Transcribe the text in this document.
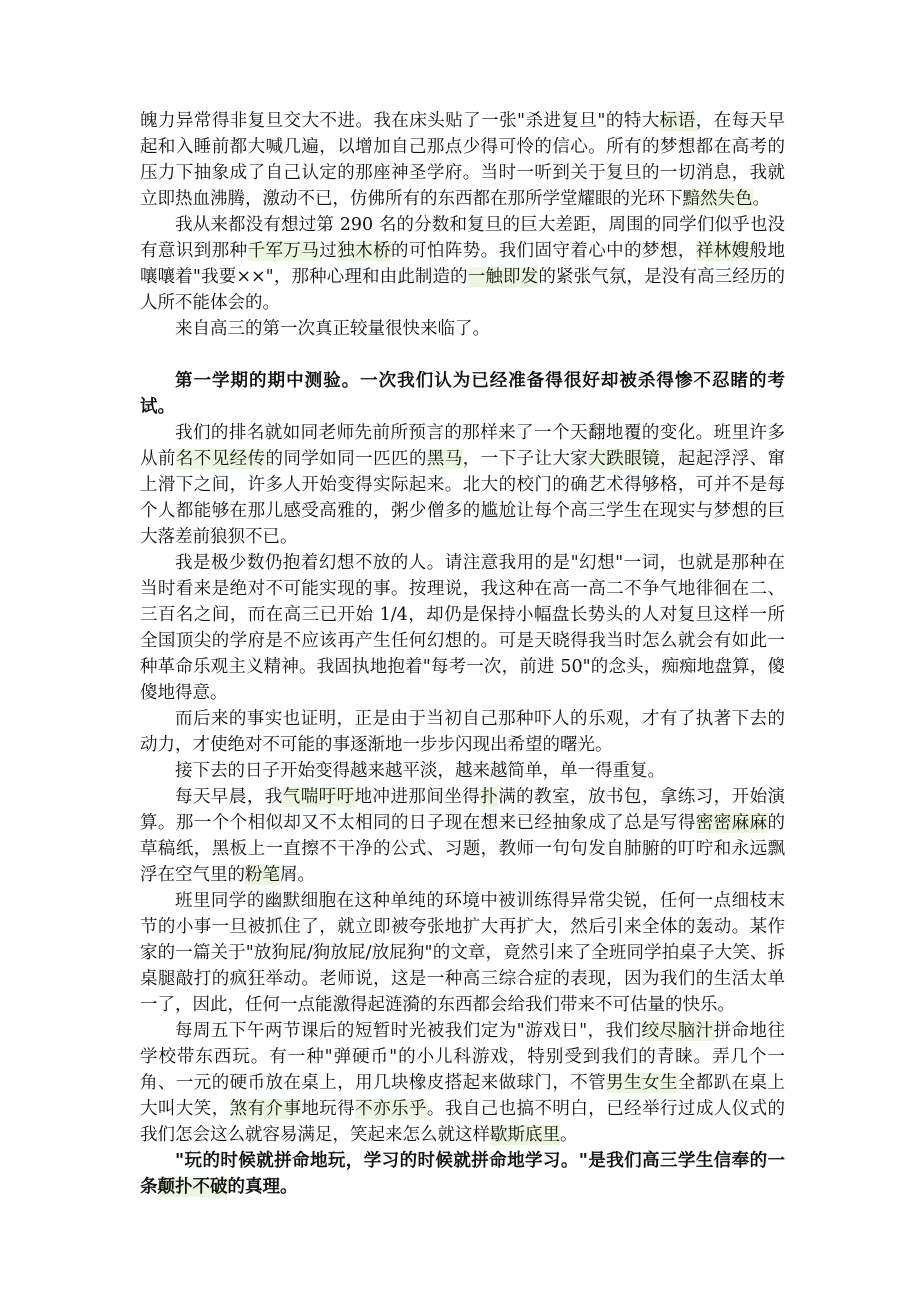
魄力异常得非复旦交大不进。我在床头贴了一张"杀进复旦"的特大标语，在每天早起和入睡前都大喊几遍，以增加自己那点少得可怜的信心。所有的梦想都在高考的压力下抽象成了自己认定的那座神圣学府。当时一听到关于复旦的一切消息，我就立即热血沸腾，激动不已，仿佛所有的东西都在那所学堂耀眼的光环下黯然失色。

我从来都没有想过第 290 名的分数和复旦的巨大差距，周围的同学们似乎也没有意识到那种千军万马过独木桥的可怕阵势。我们固守着心中的梦想，祥林嫂般地嚷嚷着"我要××"，那种心理和由此制造的一触即发的紧张气氛，是没有高三经历的人所不能体会的。

来自高三的第一次真正较量很快来临了。

第一学期的期中测验。一次我们认为已经准备得很好却被杀得惨不忍睹的考试。

我们的排名就如同老师先前所预言的那样来了一个天翻地覆的变化。班里许多从前名不见经传的同学如同一匹匹的黑马，一下子让大家大跌眼镜，起起浮浮、窜上滑下之间，许多人开始变得实际起来。北大的校门的确艺术得够格，可并不是每个人都能够在那儿感受高雅的，粥少僧多的尴尬让每个高三学生在现实与梦想的巨大落差前狼狈不已。

我是极少数仍抱着幻想不放的人。请注意我用的是"幻想"一词，也就是那种在当时看来是绝对不可能实现的事。按理说，我这种在高一高二不争气地徘徊在二、三百名之间，而在高三已开始 1/4，却仍是保持小幅盘长势头的人对复旦这样一所全国顶尖的学府是不应该再产生任何幻想的。可是天晓得我当时怎么就会有如此一种革命乐观主义精神。我固执地抱着"每考一次，前进 50"的念头，痴痴地盘算，傻傻地得意。

而后来的事实也证明，正是由于当初自己那种吓人的乐观，才有了执著下去的动力，才使绝对不可能的事逐渐地一步步闪现出希望的曙光。

接下去的日子开始变得越来越平淡，越来越简单，单一得重复。

每天早晨，我气喘吁吁地冲进那间坐得扑满的教室，放书包，拿练习，开始演算。那一个个相似却又不太相同的日子现在想来已经抽象成了总是写得密密麻麻的草稿纸，黑板上一直擦不干净的公式、习题，教师一句句发自肺腑的叮咛和永远飘浮在空气里的粉笔屑。

班里同学的幽默细胞在这种单纯的环境中被训练得异常尖锐，任何一点细枝末节的小事一旦被抓住了，就立即被夸张地扩大再扩大，然后引来全体的轰动。某作家的一篇关于"放狗屁/狗放屁/放屁狗"的文章，竟然引来了全班同学拍桌子大笑、拆桌腿敲打的疯狂举动。老师说，这是一种高三综合症的表现，因为我们的生活太单一了，因此，任何一点能激得起涟漪的东西都会给我们带来不可估量的快乐。

每周五下午两节课后的短暂时光被我们定为"游戏日"，我们绞尽脑汁拼命地往学校带东西玩。有一种"弹硬币"的小儿科游戏，特别受到我们的青睐。弄几个一角、一元的硬币放在桌上，用几块橡皮搭起来做球门，不管男生女生全都趴在桌上大叫大笑，煞有介事地玩得不亦乐乎。我自己也搞不明白，已经举行过成人仪式的我们怎会这么就容易满足，笑起来怎么就这样歇斯底里。

"玩的时候就拼命地玩，学习的时候就拼命地学习。"是我们高三学生信奉的一条颠扑不破的真理。
